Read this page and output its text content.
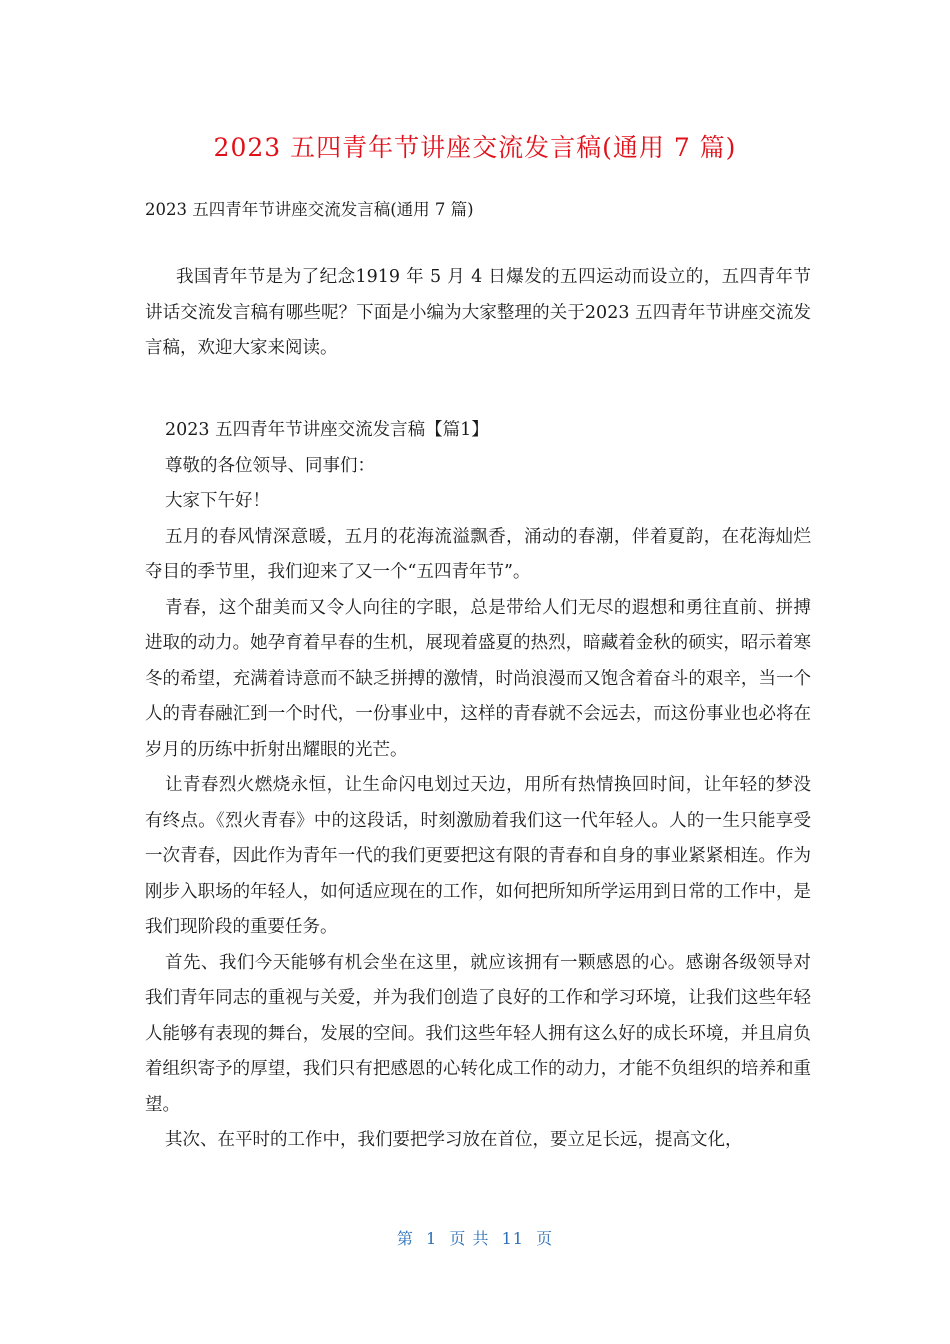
2023 五四青年节讲座交流发言稿(通用 7 篇)
2023 五四青年节讲座交流发言稿(通用 7 篇)

我国青年节是为了纪念1919 年 5 月 4 日爆发的五四运动而设立的，五四青年节讲话交流发言稿有哪些呢？下面是小编为大家整理的关于2023 五四青年节讲座交流发言稿，欢迎大家来阅读。

2023 五四青年节讲座交流发言稿【篇1】

尊敬的各位领导、同事们：

大家下午好！

五月的春风情深意暖，五月的花海流溢飘香，涌动的春潮，伴着夏韵，在花海灿烂夺目的季节里，我们迎来了又一个“五四青年节”。

青春，这个甜美而又令人向往的字眼，总是带给人们无尽的遐想和勇往直前、拼搏进取的动力。她孕育着早春的生机，展现着盛夏的热烈，暗藏着金秋的硕实，昭示着寒冬的希望，充满着诗意而不缺乏拼搏的激情，时尚浪漫而又饱含着奋斗的艰辛，当一个人的青春融汇到一个时代，一份事业中，这样的青春就不会远去，而这份事业也必将在岁月的历练中折射出耀眼的光芒。

让青春烈火燃烧永恒，让生命闪电划过天边，用所有热情换回时间，让年轻的梦没有终点。《烈火青春》中的这段话，时刻激励着我们这一代年轻人。人的一生只能享受一次青春，因此作为青年一代的我们更要把这有限的青春和自身的事业紧紧相连。作为刚步入职场的年轻人，如何适应现在的工作，如何把所知所学运用到日常的工作中，是我们现阶段的重要任务。

首先、我们今天能够有机会坐在这里，就应该拥有一颗感恩的心。感谢各级领导对我们青年同志的重视与关爱，并为我们创造了良好的工作和学习环境，让我们这些年轻人能够有表现的舞台，发展的空间。我们这些年轻人拥有这么好的成长环境，并且肩负着组织寄予的厚望，我们只有把感恩的心转化成工作的动力，才能不负组织的培养和重望。

其次、在平时的工作中，我们要把学习放在首位，要立足长远，提高文化，

第  1  页 共  11  页
